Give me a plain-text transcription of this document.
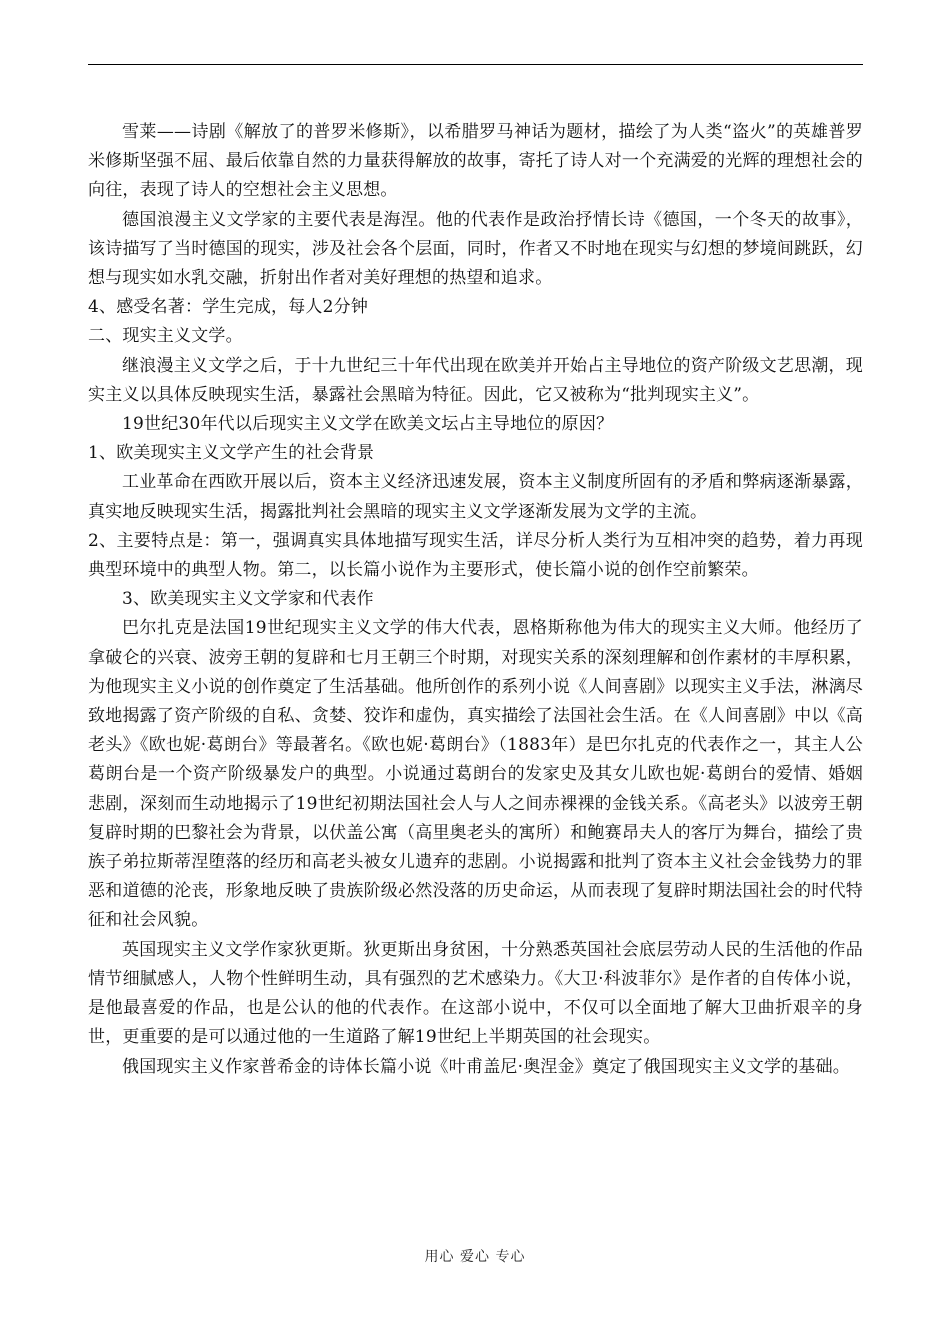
雪莱——诗剧《解放了的普罗米修斯》，以希腊罗马神话为题材，描绘了为人类“盗火”的英雄普罗米修斯坚强不屈、最后依靠自然的力量获得解放的故事，寄托了诗人对一个充满爱的光辉的理想社会的向往，表现了诗人的空想社会主义思想。

德国浪漫主义文学家的主要代表是海涅。他的代表作是政治抒情长诗《德国，一个冬天的故事》，该诗描写了当时德国的现实，涉及社会各个层面，同时，作者又不时地在现实与幻想的梦境间跳跃，幻想与现实如水乳交融，折射出作者对美好理想的热望和追求。

4、感受名著：学生完成，每人2分钟

二、现实主义文学。

继浪漫主义文学之后，于十九世纪三十年代出现在欧美并开始占主导地位的资产阶级文艺思潮，现实主义以具体反映现实生活，暴露社会黑暗为特征。因此，它又被称为“批判现实主义”。

19世纪30年代以后现实主义文学在欧美文坛占主导地位的原因？

1、欧美现实主义文学产生的社会背景

工业革命在西欧开展以后，资本主义经济迅速发展，资本主义制度所固有的矛盾和弊病逐渐暴露，真实地反映现实生活，揭露批判社会黑暗的现实主义文学逐渐发展为文学的主流。

2、主要特点是：第一，强调真实具体地描写现实生活，详尽分析人类行为互相冲突的趋势，着力再现典型环境中的典型人物。第二，以长篇小说作为主要形式，使长篇小说的创作空前繁荣。

3、欧美现实主义文学家和代表作

巴尔扎克是法国19世纪现实主义文学的伟大代表，恩格斯称他为伟大的现实主义大师。他经历了拿破仑的兴衰、波旁王朝的复辟和七月王朝三个时期，对现实关系的深刻理解和创作素材的丰厚积累，为他现实主义小说的创作奠定了生活基础。他所创作的系列小说《人间喜剧》以现实主义手法，淋漓尽致地揭露了资产阶级的自私、贪婪、狡诈和虚伪，真实描绘了法国社会生活。在《人间喜剧》中以《高老头》《欧也妮·葛朗台》等最著名。《欧也妮·葛朗台》（1883年）是巴尔扎克的代表作之一，其主人公葛朗台是一个资产阶级暴发户的典型。小说通过葛朗台的发家史及其女儿欧也妮·葛朗台的爱情、婚姻悲剧，深刻而生动地揭示了19世纪初期法国社会人与人之间赤裸裸的金钱关系。《高老头》以波旁王朝复辟时期的巴黎社会为背景，以伏盖公寓（高里奥老头的寓所）和鲍赛昂夫人的客厅为舞台，描绘了贵族子弟拉斯蒂涅堕落的经历和高老头被女儿遗弃的悲剧。小说揭露和批判了资本主义社会金钱势力的罪恶和道德的沦丧，形象地反映了贵族阶级必然没落的历史命运，从而表现了复辟时期法国社会的时代特征和社会风貌。

英国现实主义文学作家狄更斯。狄更斯出身贫困，十分熟悉英国社会底层劳动人民的生活他的作品情节细腻感人，人物个性鲜明生动，具有强烈的艺术感染力。《大卫·科波菲尔》是作者的自传体小说，是他最喜爱的作品，也是公认的他的代表作。在这部小说中，不仅可以全面地了解大卫曲折艰辛的身世，更重要的是可以通过他的一生道路了解19世纪上半期英国的社会现实。

俄国现实主义作家普希金的诗体长篇小说《叶甫盖尼·奥涅金》奠定了俄国现实主义文学的基础。

用心 爱心 专心
